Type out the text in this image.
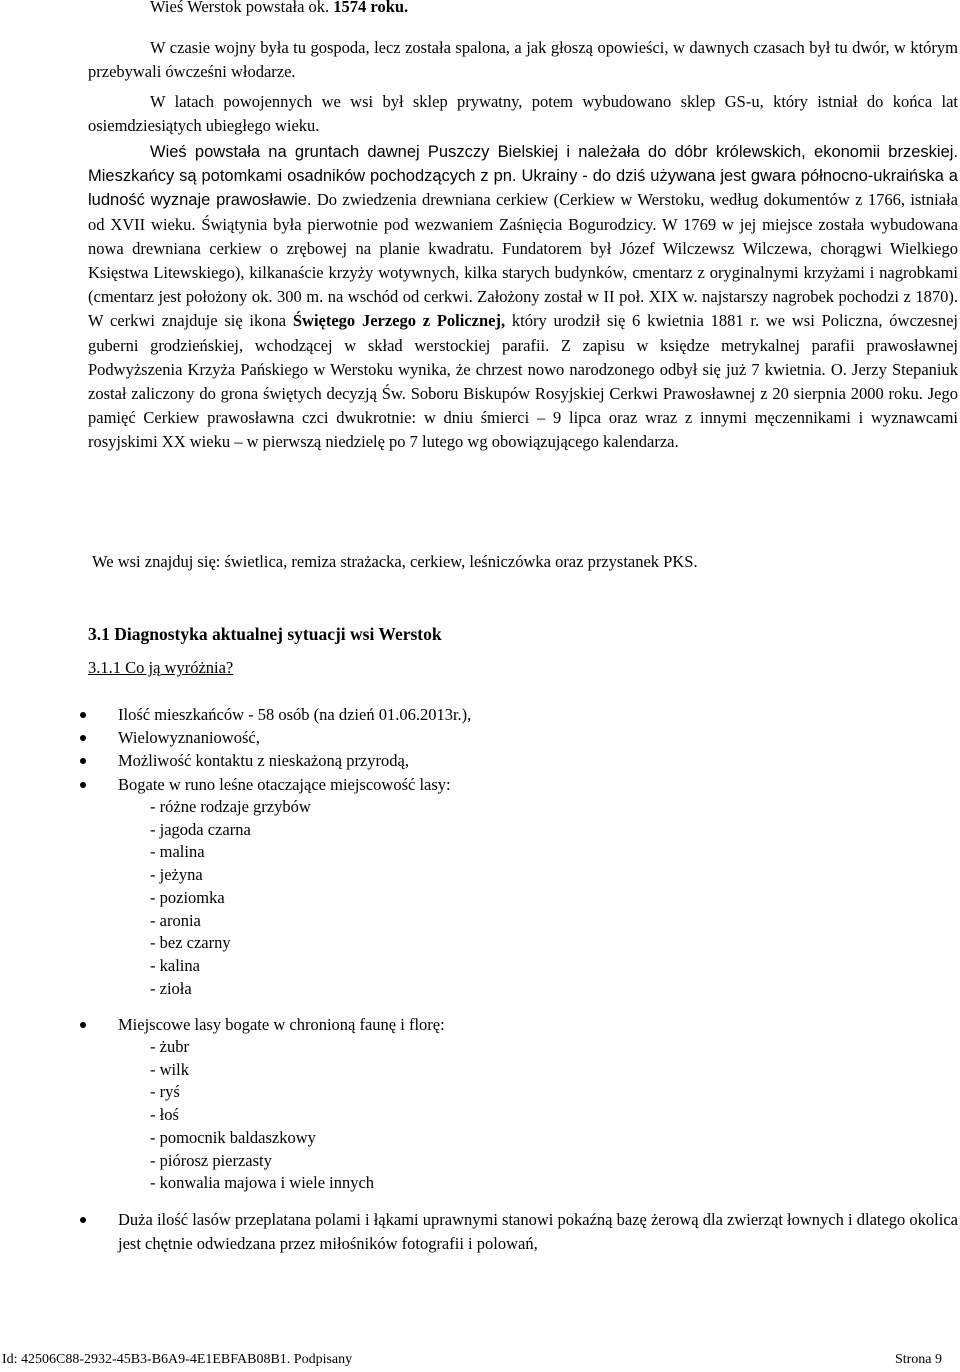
Wieś Werstok powstała ok. 1574 roku.
W czasie wojny była tu gospoda, lecz została spalona, a jak głoszą opowieści, w dawnych czasach był tu dwór, w którym przebywali ówcześni włodarze.
W latach powojennych we wsi był sklep prywatny, potem wybudowano sklep GS-u, który istniał do końca lat osiemdziesiątych ubiegłego wieku.
Wieś powstała na gruntach dawnej Puszczy Bielskiej i należała do dóbr królewskich, ekonomii brzeskiej. Mieszkańcy są potomkami osadników pochodzących z pn. Ukrainy - do dziś używana jest gwara północno-ukraińska a ludność wyznaje prawosławie. Do zwiedzenia drewniana cerkiew (Cerkiew w Werstoku, według dokumentów z 1766, istniała od XVII wieku. Świątynia była pierwotnie pod wezwaniem Zaśnięcia Bogurodzicy. W 1769 w jej miejsce została wybudowana nowa drewniana cerkiew o zrębowej na planie kwadratu. Fundatorem był Józef Wilczewsz Wilczewa, chorągwi Wielkiego Księstwa Litewskiego), kilkanaście krzyży wotywnych, kilka starych budynków, cmentarz z oryginalnymi krzyżami i nagrobkami (cmentarz jest położony ok. 300 m. na wschód od cerkwi. Założony został w II poł. XIX w. najstarszy nagrobek pochodzi z 1870). W cerkwi znajduje się ikona Świętego Jerzego z Policznej, który urodził się 6 kwietnia 1881 r. we wsi Policzna, ówczesnej guberni grodzieńskiej, wchodzącej w skład werstockiej parafii. Z zapisu w księdze metrykalnej parafii prawosławnej Podwyższenia Krzyża Pańskiego w Werstoku wynika, że chrzest nowo narodzonego odbył się już 7 kwietnia. O. Jerzy Stepaniuk został zaliczony do grona świętych decyzją Św. Soboru Biskupów Rosyjskiej Cerkwi Prawosławnej z 20 sierpnia 2000 roku. Jego pamięć Cerkiew prawosławna czci dwukrotnie: w dniu śmierci – 9 lipca oraz wraz z innymi męczennikami i wyznawcami rosyjskimi XX wieku – w pierwszą niedzielę po 7 lutego wg obowiązującego kalendarza.
We wsi znajduj się: świetlica, remiza strażacka, cerkiew, leśniczówka oraz przystanek PKS.
3.1 Diagnostyka aktualnej sytuacji wsi Werstok
3.1.1 Co ją wyróżnia?
Ilość mieszkańców - 58 osób (na dzień 01.06.2013r.),
Wielowyznaniowość,
Możliwość kontaktu z nieskażoną przyrodą,
Bogate w runo leśne otaczające miejscowość lasy:
- różne rodzaje grzybów
- jagoda czarna
- malina
- jeżyna
- poziomka
- aronia
- bez czarny
- kalina
- zioła
Miejscowe lasy bogate w chronioną faunę i florę:
- żubr
- wilk
- ryś
- łoś
- pomocnik baldaszkowy
- piórosz pierzasty
- konwalia majowa i wiele innych
Duża ilość lasów przeplatana polami i łąkami uprawnymi stanowi pokaźną bazę żerową dla zwierząt łownych i dlatego okolica jest chętnie odwiedzana przez miłośników fotografii i polowań,
Id: 42506C88-2932-45B3-B6A9-4E1EBFAB08B1. Podpisany	Strona 9
